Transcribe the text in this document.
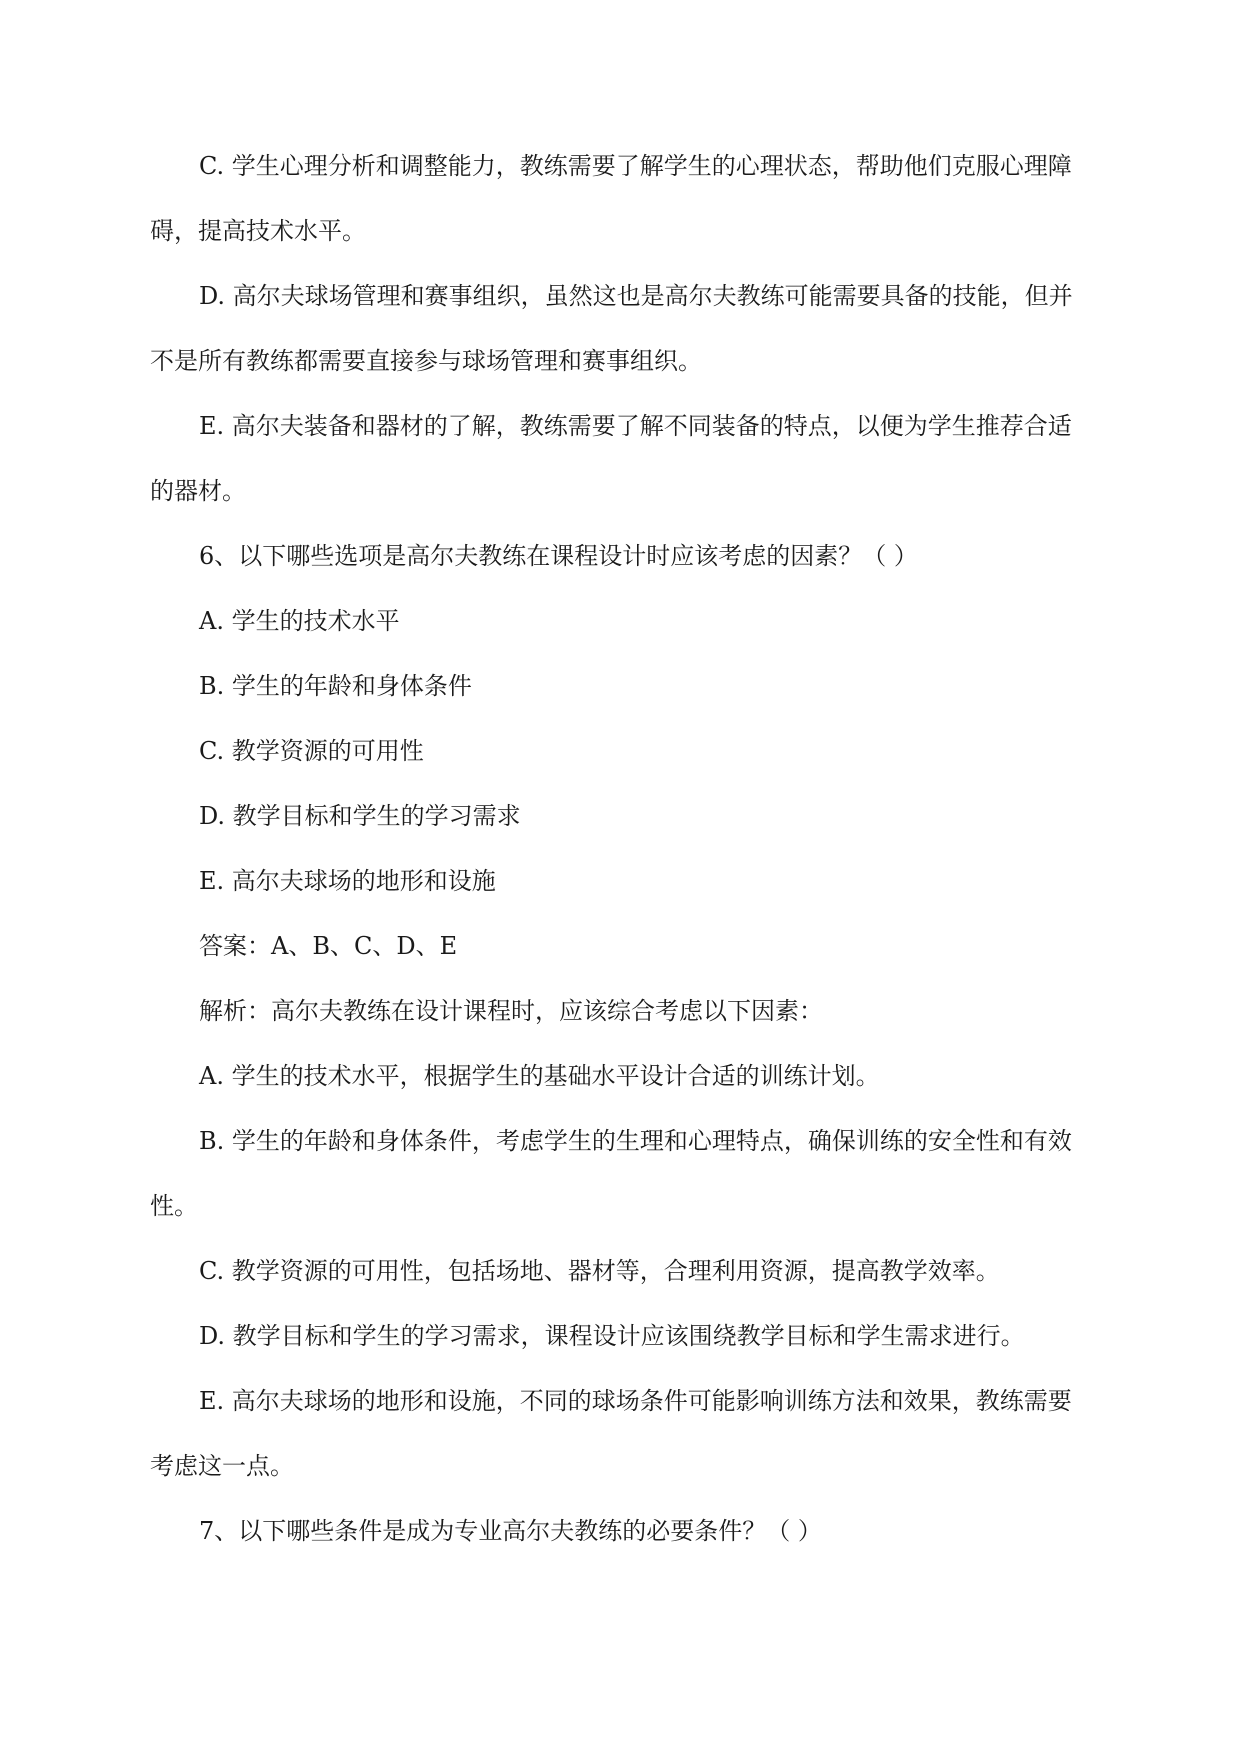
C. 学生心理分析和调整能力，教练需要了解学生的心理状态，帮助他们克服心理障碍，提高技术水平。

D. 高尔夫球场管理和赛事组织，虽然这也是高尔夫教练可能需要具备的技能，但并不是所有教练都需要直接参与球场管理和赛事组织。

E. 高尔夫装备和器材的了解，教练需要了解不同装备的特点，以便为学生推荐合适的器材。

6、以下哪些选项是高尔夫教练在课程设计时应该考虑的因素？（ ）

A. 学生的技术水平

B. 学生的年龄和身体条件

C. 教学资源的可用性

D. 教学目标和学生的学习需求

E. 高尔夫球场的地形和设施

答案：A、B、C、D、E

解析：高尔夫教练在设计课程时，应该综合考虑以下因素：

A. 学生的技术水平，根据学生的基础水平设计合适的训练计划。

B. 学生的年龄和身体条件，考虑学生的生理和心理特点，确保训练的安全性和有效性。

C. 教学资源的可用性，包括场地、器材等，合理利用资源，提高教学效率。

D. 教学目标和学生的学习需求，课程设计应该围绕教学目标和学生需求进行。

E. 高尔夫球场的地形和设施，不同的球场条件可能影响训练方法和效果，教练需要考虑这一点。

7、以下哪些条件是成为专业高尔夫教练的必要条件？（ ）
